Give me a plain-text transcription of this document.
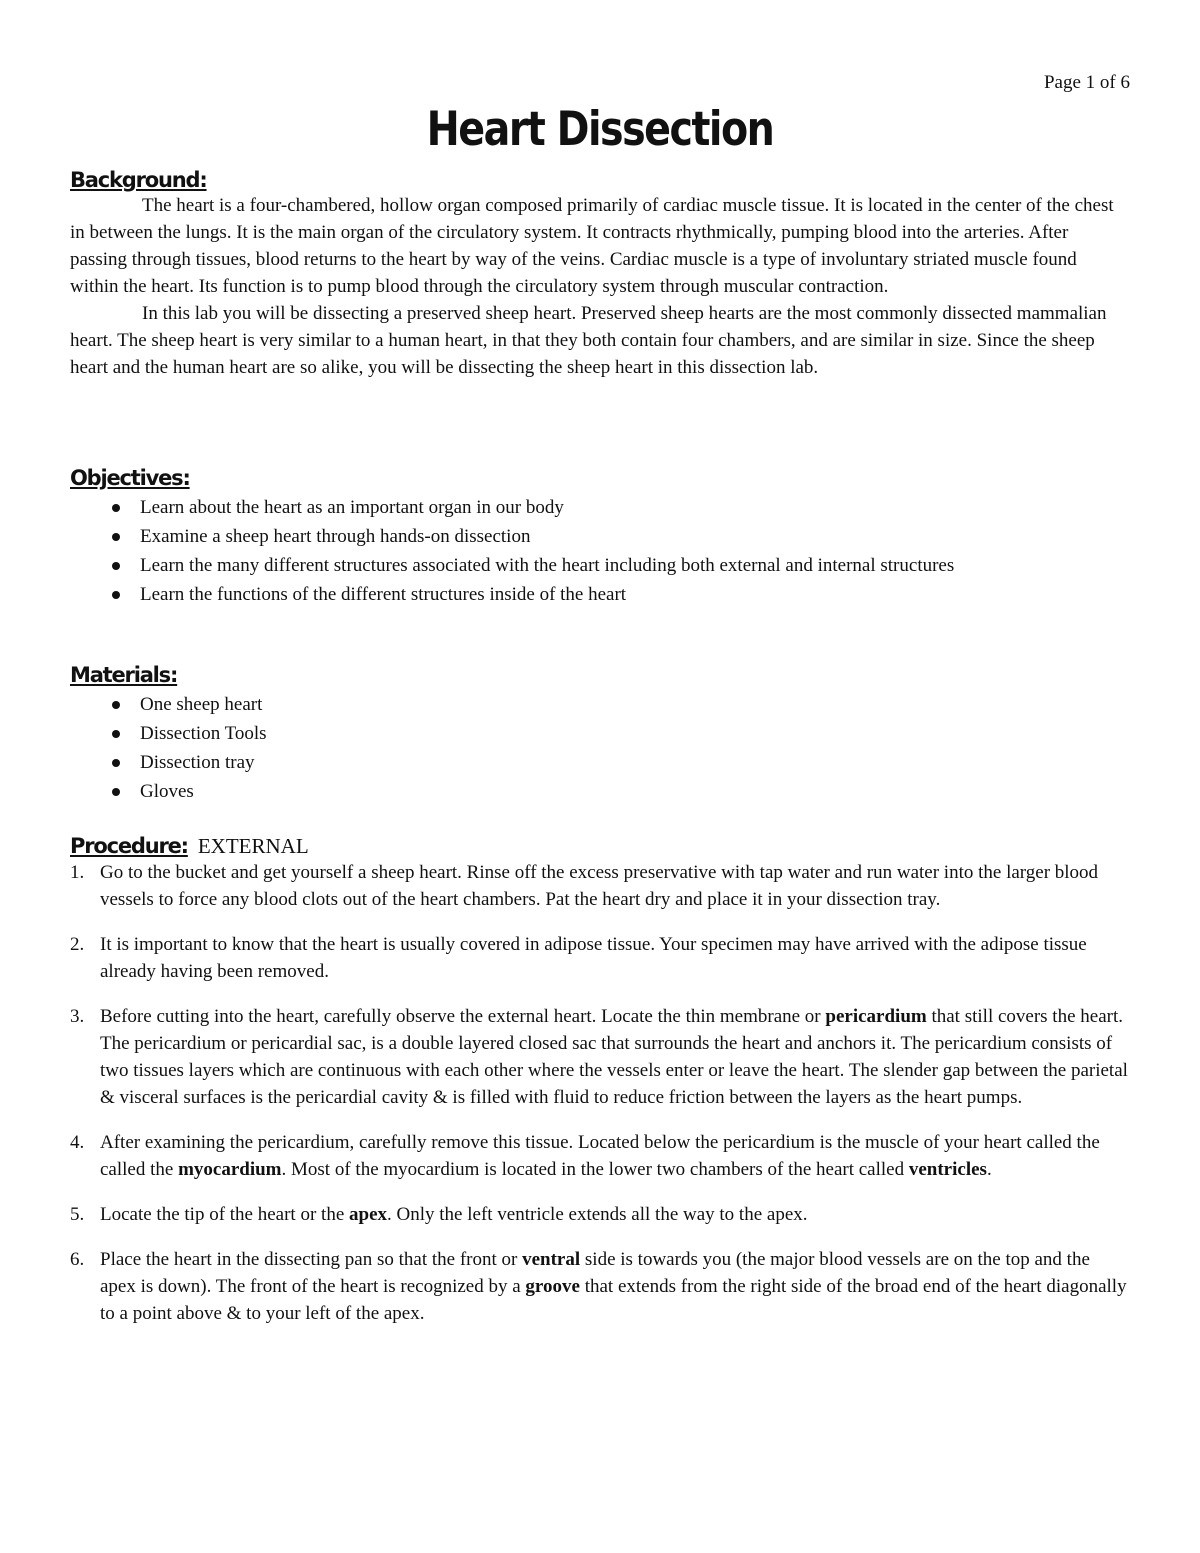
Page 1 of 6
Heart Dissection
Background:

The heart is a four-chambered, hollow organ composed primarily of cardiac muscle tissue. It is located in the center of the chest in between the lungs. It is the main organ of the circulatory system. It contracts rhythmically, pumping blood into the arteries. After passing through tissues, blood returns to the heart by way of the veins. Cardiac muscle is a type of involuntary striated muscle found within the heart. Its function is to pump blood through the circulatory system through muscular contraction.

In this lab you will be dissecting a preserved sheep heart. Preserved sheep hearts are the most commonly dissected mammalian heart. The sheep heart is very similar to a human heart, in that they both contain four chambers, and are similar in size. Since the sheep heart and the human heart are so alike, you will be dissecting the sheep heart in this dissection lab.

Objectives:
Learn about the heart as an important organ in our body
Examine a sheep heart through hands-on dissection
Learn the many different structures associated with the heart including both external and internal structures
Learn the functions of the different structures inside of the heart
Materials:
One sheep heart
Dissection Tools
Dissection tray
Gloves
Procedure: EXTERNAL
1. Go to the bucket and get yourself a sheep heart. Rinse off the excess preservative with tap water and run water into the larger blood vessels to force any blood clots out of the heart chambers. Pat the heart dry and place it in your dissection tray.
2. It is important to know that the heart is usually covered in adipose tissue. Your specimen may have arrived with the adipose tissue already having been removed.
3. Before cutting into the heart, carefully observe the external heart. Locate the thin membrane or pericardium that still covers the heart. The pericardium or pericardial sac, is a double layered closed sac that surrounds the heart and anchors it. The pericardium consists of two tissues layers which are continuous with each other where the vessels enter or leave the heart. The slender gap between the parietal & visceral surfaces is the pericardial cavity & is filled with fluid to reduce friction between the layers as the heart pumps.
4. After examining the pericardium, carefully remove this tissue. Located below the pericardium is the muscle of your heart called the called the myocardium. Most of the myocardium is located in the lower two chambers of the heart called ventricles.
5. Locate the tip of the heart or the apex. Only the left ventricle extends all the way to the apex.
6. Place the heart in the dissecting pan so that the front or ventral side is towards you (the major blood vessels are on the top and the apex is down). The front of the heart is recognized by a groove that extends from the right side of the broad end of the heart diagonally to a point above & to your left of the apex.
